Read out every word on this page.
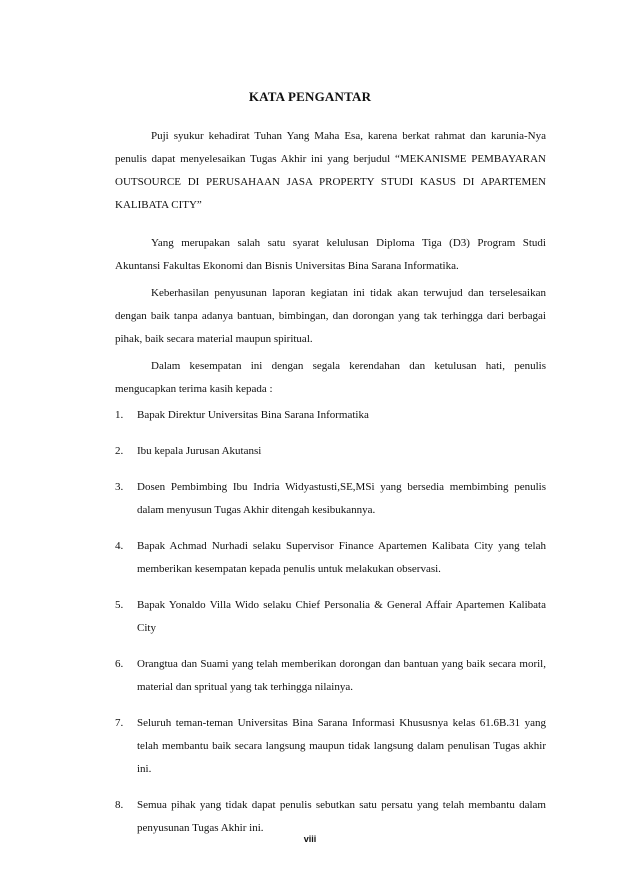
KATA PENGANTAR

Puji syukur kehadirat Tuhan Yang Maha Esa, karena berkat rahmat dan karunia-Nya penulis dapat menyelesaikan Tugas Akhir ini yang berjudul “MEKANISME PEMBAYARAN OUTSOURCE DI PERUSAHAAN JASA PROPERTY STUDI KASUS DI APARTEMEN KALIBATA CITY”

Yang merupakan salah satu syarat kelulusan Diploma Tiga (D3) Program Studi Akuntansi Fakultas Ekonomi dan Bisnis Universitas Bina Sarana Informatika.

Keberhasilan penyusunan laporan kegiatan ini tidak akan terwujud dan terselesaikan dengan baik tanpa adanya bantuan, bimbingan, dan dorongan yang tak terhingga dari berbagai pihak, baik secara material maupun spiritual.

Dalam kesempatan ini dengan segala kerendahan dan ketulusan hati, penulis mengucapkan terima kasih kepada :

1. Bapak Direktur Universitas Bina Sarana Informatika
2. Ibu kepala Jurusan Akutansi
3. Dosen Pembimbing Ibu Indria Widyastusti,SE,MSi yang bersedia membimbing penulis dalam menyusun Tugas Akhir ditengah kesibukannya.
4. Bapak Achmad Nurhadi selaku Supervisor Finance Apartemen Kalibata City yang telah memberikan kesempatan kepada penulis untuk melakukan observasi.
5. Bapak Yonaldo Villa Wido selaku Chief Personalia & General Affair Apartemen Kalibata City
6. Orangtua dan Suami yang telah memberikan dorongan dan bantuan yang baik secara moril, material dan spritual yang tak terhingga nilainya.
7. Seluruh teman-teman Universitas Bina Sarana Informasi Khususnya kelas 61.6B.31 yang telah membantu baik secara langsung maupun tidak langsung dalam penulisan Tugas akhir ini.
8. Semua pihak yang tidak dapat penulis sebutkan satu persatu yang telah membantu dalam penyusunan Tugas Akhir ini.
viii
